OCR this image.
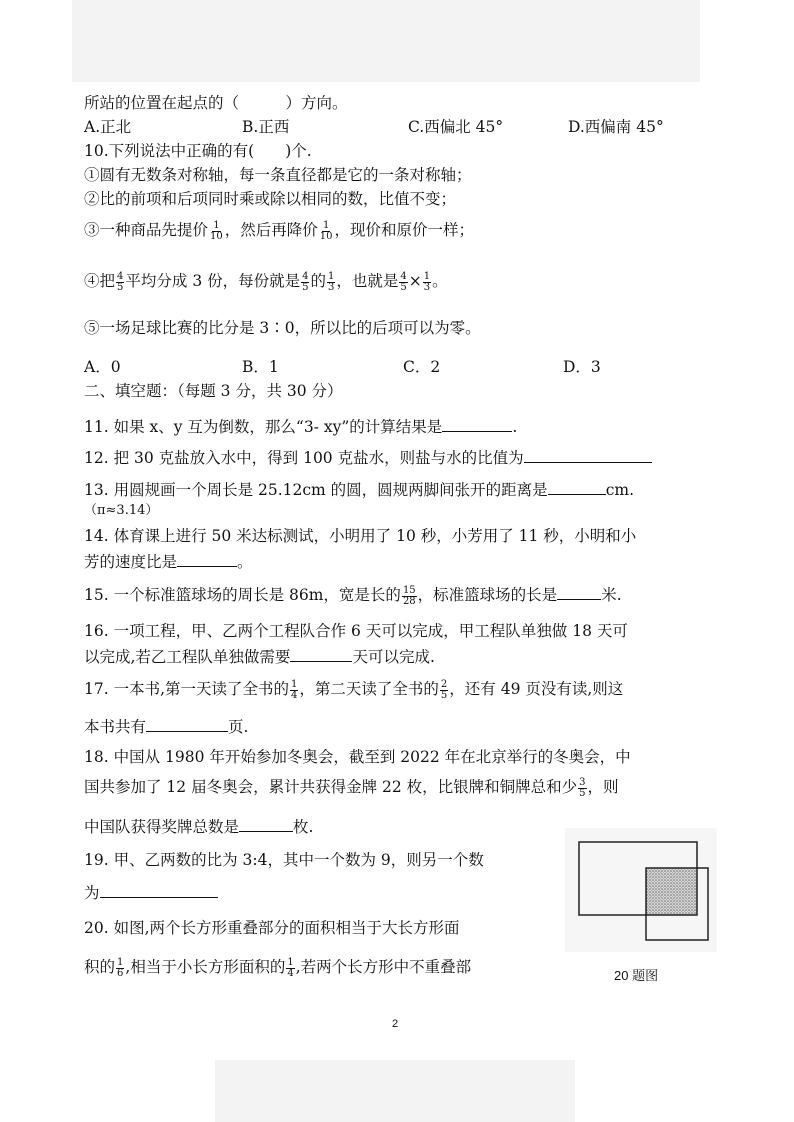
所站的位置在起点的（　　　）方向。
A.正北	B.正西	C.西偏北 45°	D.西偏南 45°
10.下列说法中正确的有(　　)个.
①圆有无数条对称轴，每一条直径都是它的一条对称轴；
②比的前项和后项同时乘或除以相同的数，比值不变；
③一种商品先提价 $\frac{1}{10}$ ，然后再降价 $\frac{1}{10}$ ，现价和原价一样；
④把 $\frac{4}{5}$ 平均分成 3 份，每份就是 $\frac{4}{5}$ 的 $\frac{1}{3}$ ，也就是 $\frac{4}{5} \times \frac{1}{3}$ 。
⑤一场足球比赛的比分是 3∶0，所以比的后项可以为零。
A．0	B．1	C．2	D．3
二、填空题：（每题 3 分，共 30 分）
11. 如果 x、y 互为倒数，那么“3- xy”的计算结果是	.
12. 把 30 克盐放入水中，得到 100 克盐水，则盐与水的比值为
13. 用圆规画一个周长是 25.12cm 的圆，圆规两脚间张开的距离是	cm.
（π≈3.14）
14. 体育课上进行 50 米达标测试，小明用了 10 秒，小芳用了 11 秒，小明和小
芳的速度比是	。
15. 一个标准篮球场的周长是 86m，宽是长的 $\frac{15}{28}$ ，标准篮球场的长是	米.
16. 一项工程，甲、乙两个工程队合作 6 天可以完成，甲工程队单独做 18 天可
以完成,若乙工程队单独做需要	天可以完成.
17. 一本书,第一天读了全书的 $\frac{1}{4}$ ，第二天读了全书的 $\frac{2}{5}$ ，还有 49 页没有读,则这
本书共有	页.
18. 中国从 1980 年开始参加冬奥会，截至到 2022 年在北京举行的冬奥会，中
国共参加了 12 届冬奥会，累计共获得金牌 22 枚，比银牌和铜牌总和少 $\frac{3}{5}$ ，则
中国队获得奖牌总数是	枚.
19. 甲、乙两数的比为 3:4，其中一个数为 9，则另一个数
为
20. 如图,两个长方形重叠部分的面积相当于大长方形面
积的 $\frac{1}{6}$ ,相当于小长方形面积的 $\frac{1}{4}$ ,若两个长方形中不重叠部	20 题图
2
